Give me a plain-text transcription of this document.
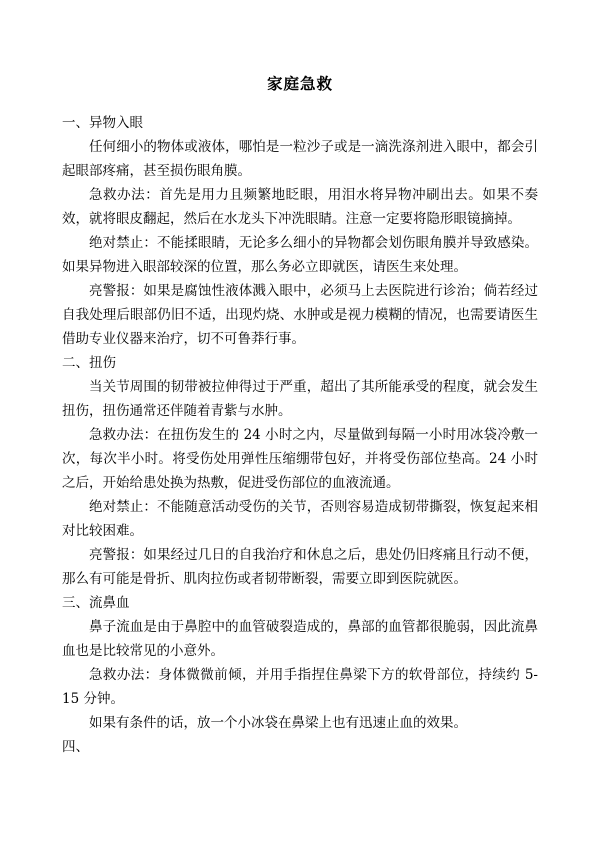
家庭急救

一、异物入眼

任何细小的物体或液体，哪怕是一粒沙子或是一滴洗涤剂进入眼中，都会引起眼部疼痛，甚至损伤眼角膜。

急救办法：首先是用力且频繁地眨眼，用泪水将异物冲刷出去。如果不奏效，就将眼皮翻起，然后在水龙头下冲洗眼睛。注意一定要将隐形眼镜摘掉。

绝对禁止：不能揉眼睛，无论多么细小的异物都会划伤眼角膜并导致感染。如果异物进入眼部较深的位置，那么务必立即就医，请医生来处理。

亮警报：如果是腐蚀性液体溅入眼中，必须马上去医院进行诊治；倘若经过自我处理后眼部仍旧不适，出现灼烧、水肿或是视力模糊的情况，也需要请医生借助专业仪器来治疗，切不可鲁莽行事。

二、扭伤

当关节周围的韧带被拉伸得过于严重，超出了其所能承受的程度，就会发生扭伤，扭伤通常还伴随着青紫与水肿。

急救办法：在扭伤发生的 24 小时之内，尽量做到每隔一小时用冰袋冷敷一次，每次半小时。将受伤处用弹性压缩绷带包好，并将受伤部位垫高。24 小时之后，开始给患处换为热敷，促进受伤部位的血液流通。

绝对禁止：不能随意活动受伤的关节，否则容易造成韧带撕裂，恢复起来相对比较困难。

亮警报：如果经过几日的自我治疗和休息之后，患处仍旧疼痛且行动不便，那么有可能是骨折、肌肉拉伤或者韧带断裂，需要立即到医院就医。

三、流鼻血

鼻子流血是由于鼻腔中的血管破裂造成的，鼻部的血管都很脆弱，因此流鼻血也是比较常见的小意外。

急救办法：身体微微前倾，并用手指捏住鼻梁下方的软骨部位，持续约 5-15 分钟。

如果有条件的话，放一个小冰袋在鼻梁上也有迅速止血的效果。

四、
